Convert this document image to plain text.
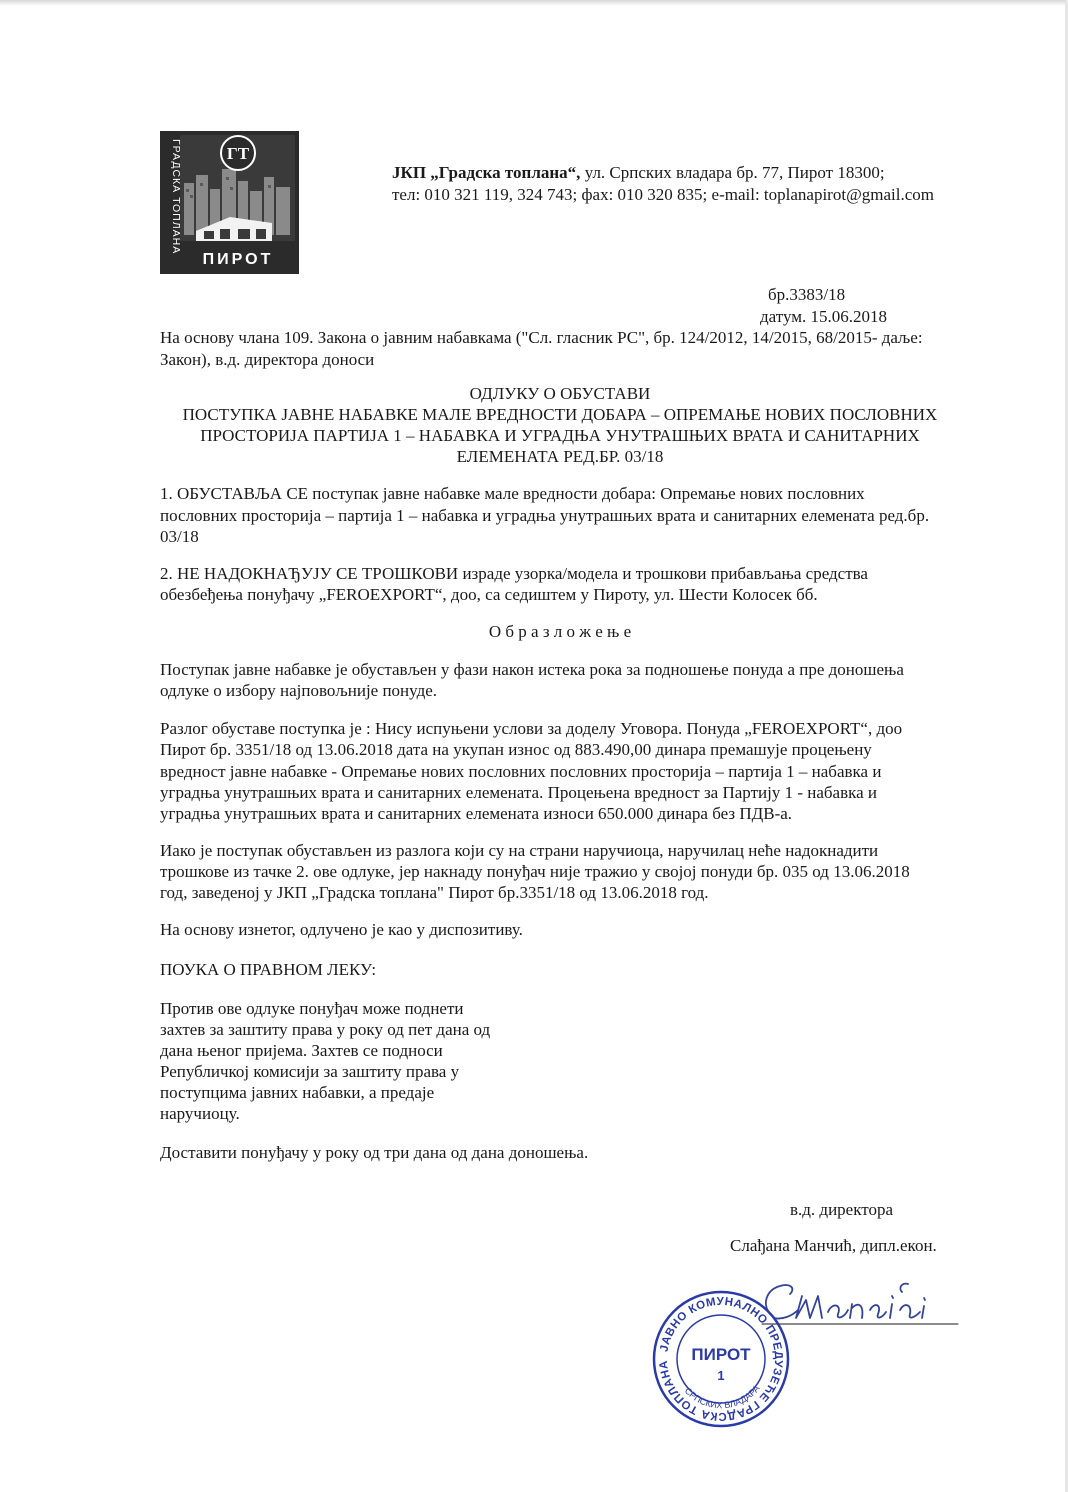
ГТ
ГРАДСКА ТОПЛАНА
ПИРОТ
ЈКП „Градска топлана“, ул. Српских владара бр. 77, Пирот 18300;
тел: 010 321 119, 324 743; фах: 010 320 835; e-mail: toplanapirot@gmail.com
бр.3383/18
датум. 15.06.2018
На основу члана 109. Закона о јавним набавкама ("Сл. гласник РС", бр. 124/2012, 14/2015, 68/2015- даље:
Закон), в.д. директора доноси
ОДЛУКУ О ОБУСТАВИ
ПОСТУПКА ЈАВНЕ НАБАВКЕ МАЛЕ ВРЕДНОСТИ ДОБАРА – ОПРЕМАЊЕ НОВИХ ПОСЛОВНИХ
ПРОСТОРИЈА ПАРТИЈА 1 – НАБАВКА И УГРАДЊА УНУТРАШЊИХ ВРАТА И САНИТАРНИХ
ЕЛЕМЕНАТА РЕД.БР. 03/18
1. ОБУСТАВЉА СЕ поступак јавне набавке мале вредности добара: Опремање нових пословних
пословних просторија – партија 1 – набавка и уградња унутрашњих врата и санитарних елемената ред.бр.
03/18
2. НЕ НАДОКНАЂУЈУ СЕ ТРОШКОВИ израде узорка/модела и трошкови прибављања средства
обезбеђења понуђачу „FEROEXPORT“, доо, са седиштем у Пироту, ул. Шести Колосек бб.
О б р а з л о ж е њ е
Поступак јавне набавке је обустављен у фази након истека рока за подношење понуда а пре доношења
одлуке о избору најповољније понуде.
Разлог обуставе поступка је : Нису испуњени услови за доделу Уговора. Понуда „FEROEXPORT“, доо
Пирот бр. 3351/18 од 13.06.2018 дата на укупан износ од 883.490,00 динара премашује процењену
вредност јавне набавке - Опремање нових пословних пословних просторија – партија 1 – набавка и
уградња унутрашњих врата и санитарних елемената. Процењена вредност за Партију 1 - набавка и
уградња унутрашњих врата и санитарних елемената износи 650.000 динара без ПДВ-а.
Иако је поступак обустављен из разлога који су на страни наручиоца, наручилац неће надокнадити
трошкове из тачке 2. ове одлуке, јер накнаду понуђач није тражио у својој понуди бр. 035 од 13.06.2018
год, заведеној у ЈКП „Градска топлана" Пирот бр.3351/18 од 13.06.2018 год.
На основу изнетог, одлучено је као у диспозитиву.
ПОУКА О ПРАВНОМ ЛЕКУ:
Против ове одлуке понуђач може поднети
захтев за заштиту права у року од пет дана од
дана њеног пријема. Захтев се подноси
Републичкој комисији за заштиту права у
поступцима јавних набавки, а предаје
наручиоцу.
Доставити понуђачу у року од три дана од дана доношења.
в.д. директора
Слађана Манчић, дипл.екон.
ЈАВНО КОМУНАЛНО ПРЕДУЗЕЋЕ ГРАДСКА ТОПЛАНА
СРПСКИХ ВЛАДАРА
ПИРОТ
1
